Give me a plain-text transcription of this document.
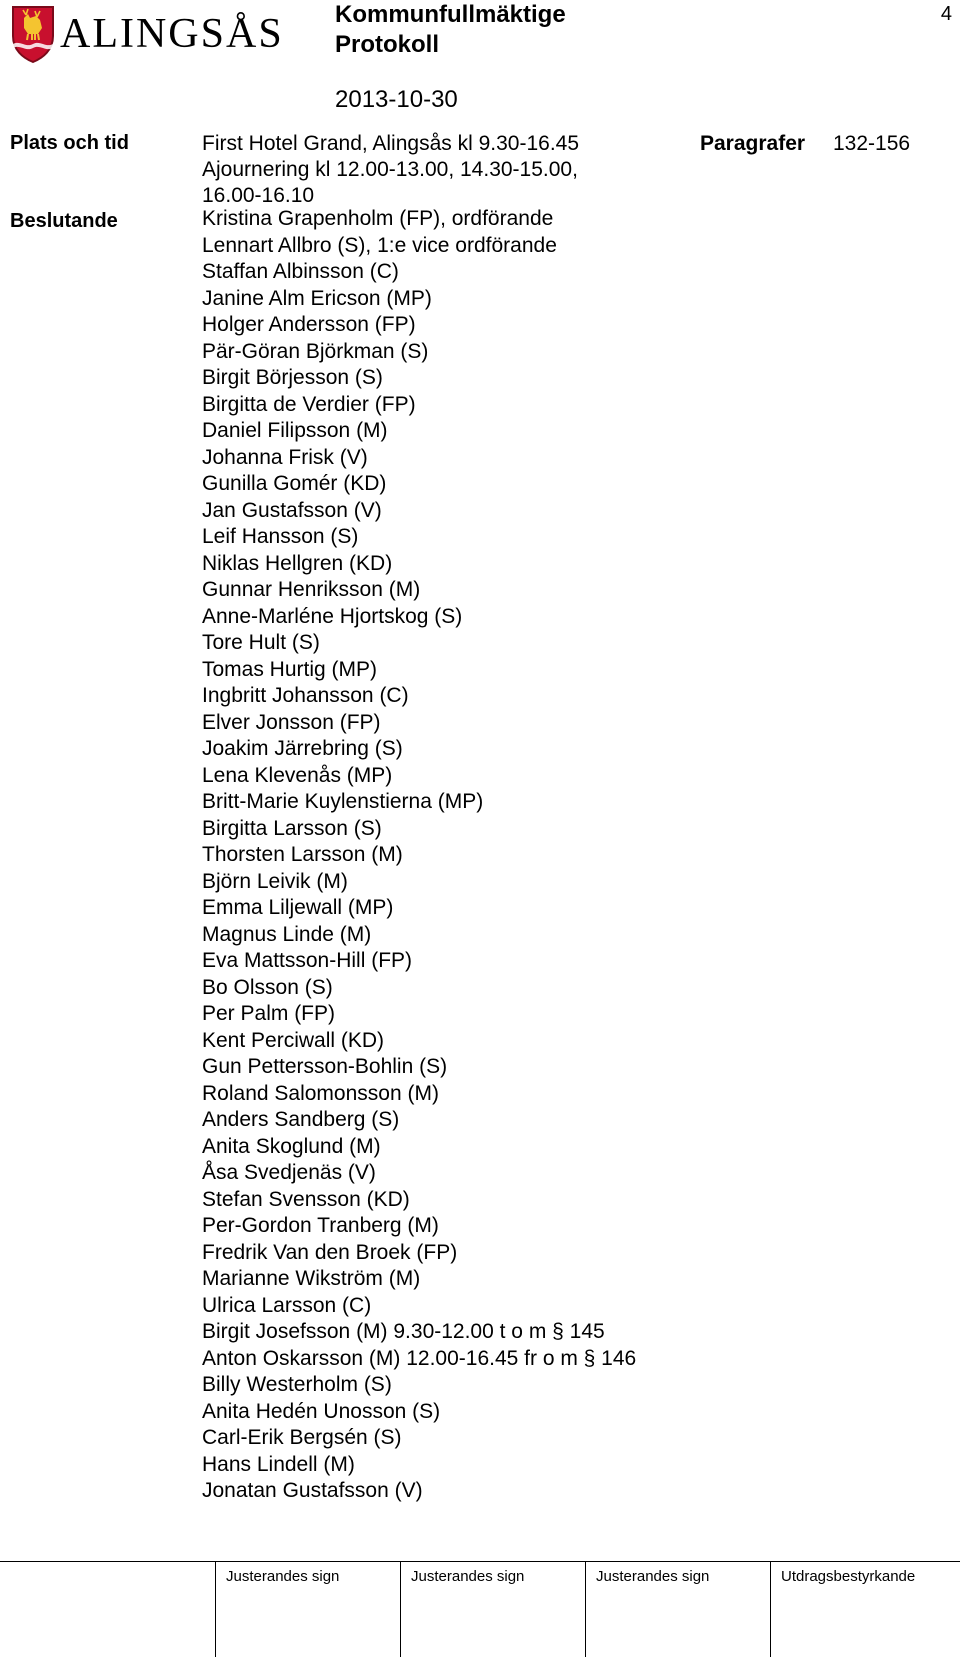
ALINGSÅS Kommunfullmäktige
Protokoll
2013-10-30
4
Plats och tid	First Hotel Grand, Alingsås kl 9.30-16.45
Ajournering kl 12.00-13.00, 14.30-15.00,
16.00-16.10
Paragrafer 132-156
Beslutande	Kristina Grapenholm (FP), ordförande
Lennart Allbro (S), 1:e vice ordförande
Staffan Albinsson (C)
Janine Alm Ericson (MP)
Holger Andersson (FP)
Pär-Göran Björkman (S)
Birgit Börjesson (S)
Birgitta de Verdier (FP)
Daniel Filipsson (M)
Johanna Frisk (V)
Gunilla Gomér (KD)
Jan Gustafsson (V)
Leif Hansson (S)
Niklas Hellgren (KD)
Gunnar Henriksson (M)
Anne-Marléne Hjortskog (S)
Tore Hult (S)
Tomas Hurtig (MP)
Ingbritt Johansson (C)
Elver Jonsson (FP)
Joakim Järrebring (S)
Lena Klevenås (MP)
Britt-Marie Kuylenstierna (MP)
Birgitta Larsson (S)
Thorsten Larsson (M)
Björn Leivik (M)
Emma Liljewall (MP)
Magnus Linde (M)
Eva Mattsson-Hill (FP)
Bo Olsson (S)
Per Palm (FP)
Kent Perciwall (KD)
Gun Pettersson-Bohlin (S)
Roland Salomonsson (M)
Anders Sandberg (S)
Anita Skoglund (M)
Åsa Svedjenäs (V)
Stefan Svensson (KD)
Per-Gordon Tranberg (M)
Fredrik Van den Broek (FP)
Marianne Wikström (M)
Ulrica Larsson (C)
Birgit Josefsson (M) 9.30-12.00 t o m § 145
Anton Oskarsson (M) 12.00-16.45 fr o m § 146
Billy Westerholm (S)
Anita Hedén Unosson (S)
Carl-Erik Bergsén (S)
Hans Lindell (M)
Jonatan Gustafsson (V)
Justerandes sign	Justerandes sign	Justerandes sign	Utdragsbestyrkande
